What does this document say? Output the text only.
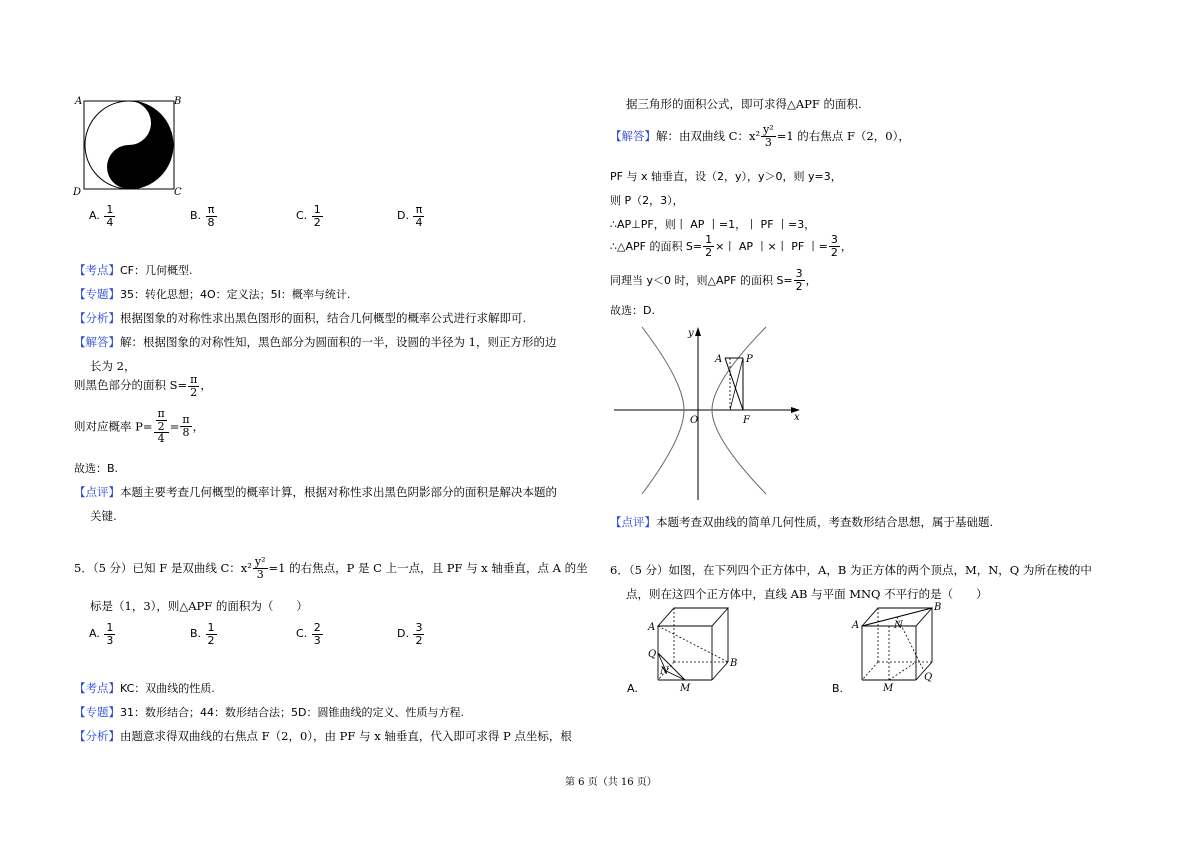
A	B
D	C
A. $\frac{1}{4}$	B. $\frac{\pi}{8}$	C. $\frac{1}{2}$	D. $\frac{\pi}{4}$
【考点】CF：几何概型.
【专题】35：转化思想；4O：定义法；5I：概率与统计.
【分析】根据图象的对称性求出黑色图形的面积，结合几何概型的概率公式进行求解即可.
【解答】解：根据图象的对称性知，黑色部分为圆面积的一半，设圆的半径为 1，则正方形的边
长为 2，
则黑色部分的面积 $S= \frac{\pi}{2}$ ，
则对应概率 $P= \frac{\frac{\pi}{2}}{4} = \frac{\pi}{8}$ ，
故选：B.
【点评】本题主要考查几何概型的概率计算，根据对称性求出黑色阴影部分的面积是解决本题的
关键.
5．（5 分）已知 F 是双曲线 C：$x^2 \frac{\text{y²}}{3} =1$ 的右焦点，P 是 C 上一点，且 PF 与 x 轴垂直，点 A 的坐
标是（1，3），则△APF 的面积为（　　）
A. $\frac{1}{3}$	B. $\frac{1}{2}$	C. $\frac{2}{3}$	D. $\frac{3}{2}$
【考点】KC：双曲线的性质.
【专题】31：数形结合；44：数形结合法；5D：圆锥曲线的定义、性质与方程.
【分析】由题意求得双曲线的右焦点 F（2，0），由 PF 与 x 轴垂直，代入即可求得 P 点坐标，根
据三角形的面积公式，即可求得△APF 的面积.
【解答】解：由双曲线 C：$x^2 \frac{\text{y²}}{3} =1$ 的右焦点 F（2，0），
PF 与 x 轴垂直，设（2，y），y＞0，则 y=3，
则 P（2，3），
∴AP⊥PF，则丨 AP 丨=1，丨 PF 丨=3，
∴△APF 的面积 $S= \frac{1}{2}$ ×丨 AP 丨×丨 PF 丨= $\frac{3}{2}$ ，
同理当 y＜0 时，则△APF 的面积 $S= \frac{3}{2}$ ，
故选：D.
y
x
O	F
A P
【点评】本题考查双曲线的简单几何性质，考查数形结合思想，属于基础题.
6．（5 分）如图，在下列四个正方体中，A，B 为正方体的两个顶点，M，N，Q 为所在棱的中
点，则在这四个正方体中，直线 AB 与平面 MNQ 不平行的是（　　）
A
B
Q
N
M
A.
A	N
B
M
Q
B.
第 6 页（共 16 页）
